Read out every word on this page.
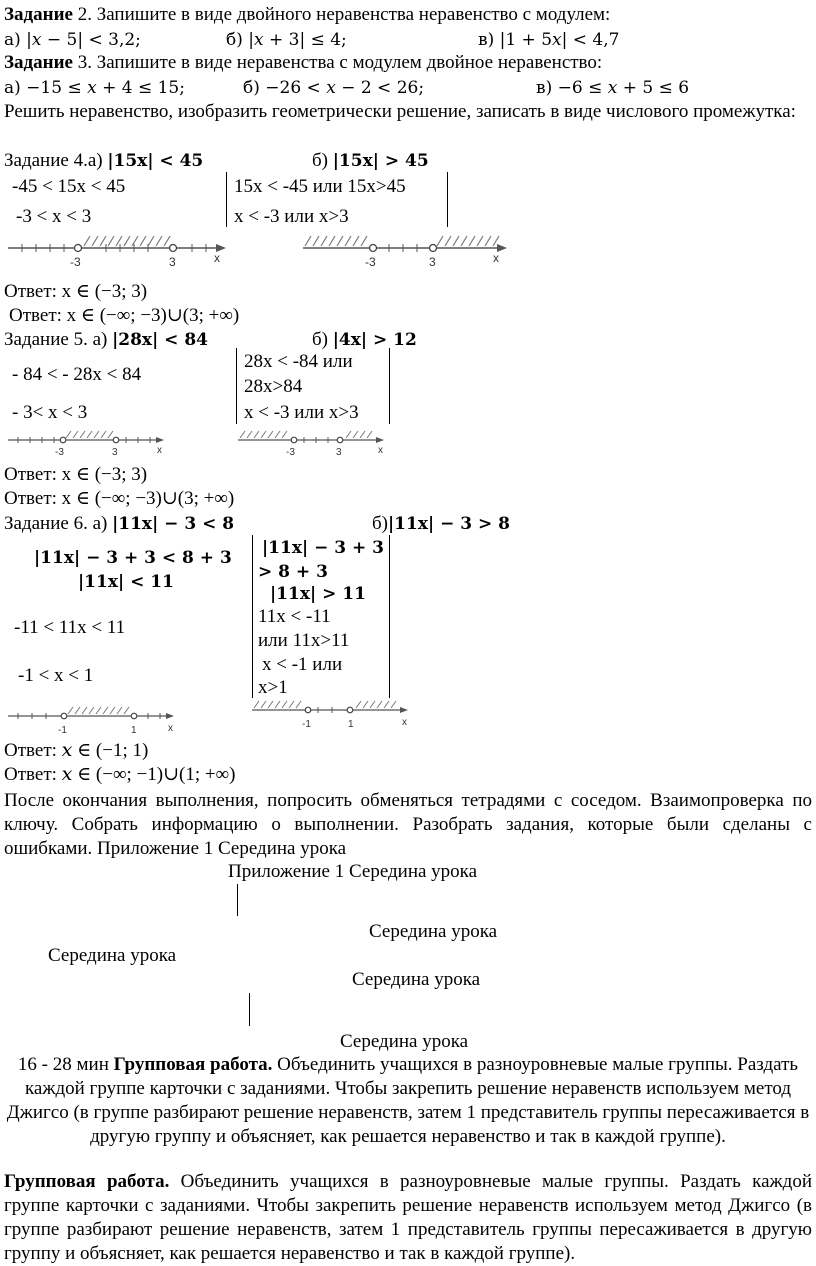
Задание 2. Запишите в виде двойного неравенства неравенство с модулем:
а) |𝑥 − 5| < 3,2;	б) |𝑥 + 3| ≤ 4;	в) |1 + 5𝑥| < 4,7
Задание 3. Запишите в виде неравенства с модулем двойное неравенство:
а) −15 ≤ 𝑥 + 4 ≤ 15;	б) −26 < 𝑥 − 2 < 26;	в) −6 ≤ 𝑥 + 5 ≤ 6
Решить неравенство, изобразить геометрически решение, записать в виде числового промежутка:
Задание 4.а) |𝟏𝟓𝐱| < 𝟒𝟓	б) |𝟏𝟓𝐱| > 𝟒𝟓
-45 < 15x < 45
-3 < x < 3
15x < -45 или 15x>45
x < -3 или x>3
-3	3	x	-3	3	x
Ответ: x ∈ (−3; 3)
Ответ: x ∈ (−∞; −3)∪(3; +∞)
Задание 5. а) |𝟐𝟖𝐱| < 𝟖𝟒	б) |𝟒𝐱| > 𝟏𝟐
- 84 < - 28x < 84
- 3< x < 3
28x < -84 или
28x>84
x < -3 или x>3
-3	3	x	-3	3	x
Ответ: x ∈ (−3; 3)
Ответ: x ∈ (−∞; −3)∪(3; +∞)
Задание 6. а) |𝟏𝟏𝐱| − 𝟑 < 𝟖	б)|𝟏𝟏𝐱| − 𝟑 > 𝟖
|𝟏𝟏𝐱| − 𝟑 + 𝟑 < 𝟖 + 𝟑
|𝟏𝟏𝐱| < 𝟏𝟏
-11 < 11x < 11
-1 < x < 1
|𝟏𝟏𝐱| − 𝟑 + 𝟑
> 𝟖 + 𝟑
|𝟏𝟏𝐱| > 𝟏𝟏
11x < -11
или 11x>11
x < -1 или
x>1
-1	1	x	-1	1	x
Ответ: 𝑥 ∈ (−1; 1)
Ответ: 𝑥 ∈ (−∞; −1)∪(1; +∞)
После окончания выполнения, попросить обменяться тетрадями с соседом. Взаимопроверка по ключу. Собрать информацию о выполнении. Разобрать задания, которые были сделаны с ошибками. Приложение 1 Середина урока
Приложение 1 Середина урока
Середина урока
Середина урока
Середина урока
Середина урока
16 - 28 мин Групповая работа. Объединить учащихся в разноуровневые малые группы. Раздать каждой группе карточки с заданиями. Чтобы закрепить решение неравенств используем метод Джигсо (в группе разбирают решение неравенств, затем 1 представитель группы пересаживается в другую группу и объясняет, как решается неравенство и так в каждой группе).
Групповая работа. Объединить учащихся в разноуровневые малые группы. Раздать каждой группе карточки с заданиями. Чтобы закрепить решение неравенств используем метод Джигсо (в группе разбирают решение неравенств, затем 1 представитель группы пересаживается в другую группу и объясняет, как решается неравенство и так в каждой группе).
